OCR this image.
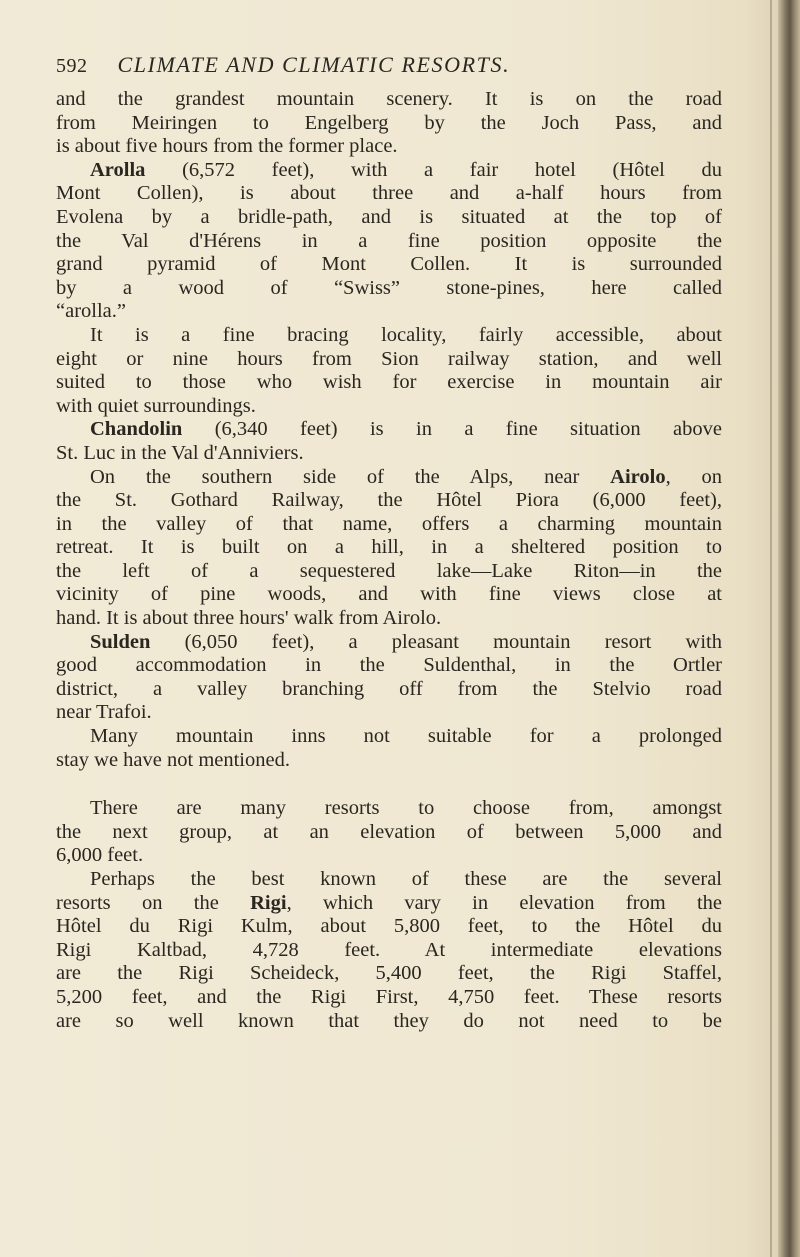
592 CLIMATE AND CLIMATIC RESORTS.
and the grandest mountain scenery. It is on the road
from Meiringen to Engelberg by the Joch Pass, and
is about five hours from the former place.
Arolla (6,572 feet), with a fair hotel (Hôtel du
Mont Collen), is about three and a-half hours from
Evolena by a bridle-path, and is situated at the top of
the Val d'Hérens in a fine position opposite the
grand pyramid of Mont Collen. It is surrounded
by a wood of “Swiss” stone-pines, here called
“arolla.”
It is a fine bracing locality, fairly accessible, about
eight or nine hours from Sion railway station, and well
suited to those who wish for exercise in mountain air
with quiet surroundings.
Chandolin (6,340 feet) is in a fine situation above
St. Luc in the Val d'Anniviers.
On the southern side of the Alps, near Airolo, on
the St. Gothard Railway, the Hôtel Piora (6,000 feet),
in the valley of that name, offers a charming mountain
retreat. It is built on a hill, in a sheltered position to
the left of a sequestered lake—Lake Riton—in the
vicinity of pine woods, and with fine views close at
hand. It is about three hours' walk from Airolo.
Sulden (6,050 feet), a pleasant mountain resort with
good accommodation in the Suldenthal, in the Ortler
district, a valley branching off from the Stelvio road
near Trafoi.
Many mountain inns not suitable for a prolonged
stay we have not mentioned.
There are many resorts to choose from, amongst
the next group, at an elevation of between 5,000 and
6,000 feet.
Perhaps the best known of these are the several
resorts on the Rigi, which vary in elevation from the
Hôtel du Rigi Kulm, about 5,800 feet, to the Hôtel du
Rigi Kaltbad, 4,728 feet. At intermediate elevations
are the Rigi Scheideck, 5,400 feet, the Rigi Staffel,
5,200 feet, and the Rigi First, 4,750 feet. These resorts
are so well known that they do not need to be
